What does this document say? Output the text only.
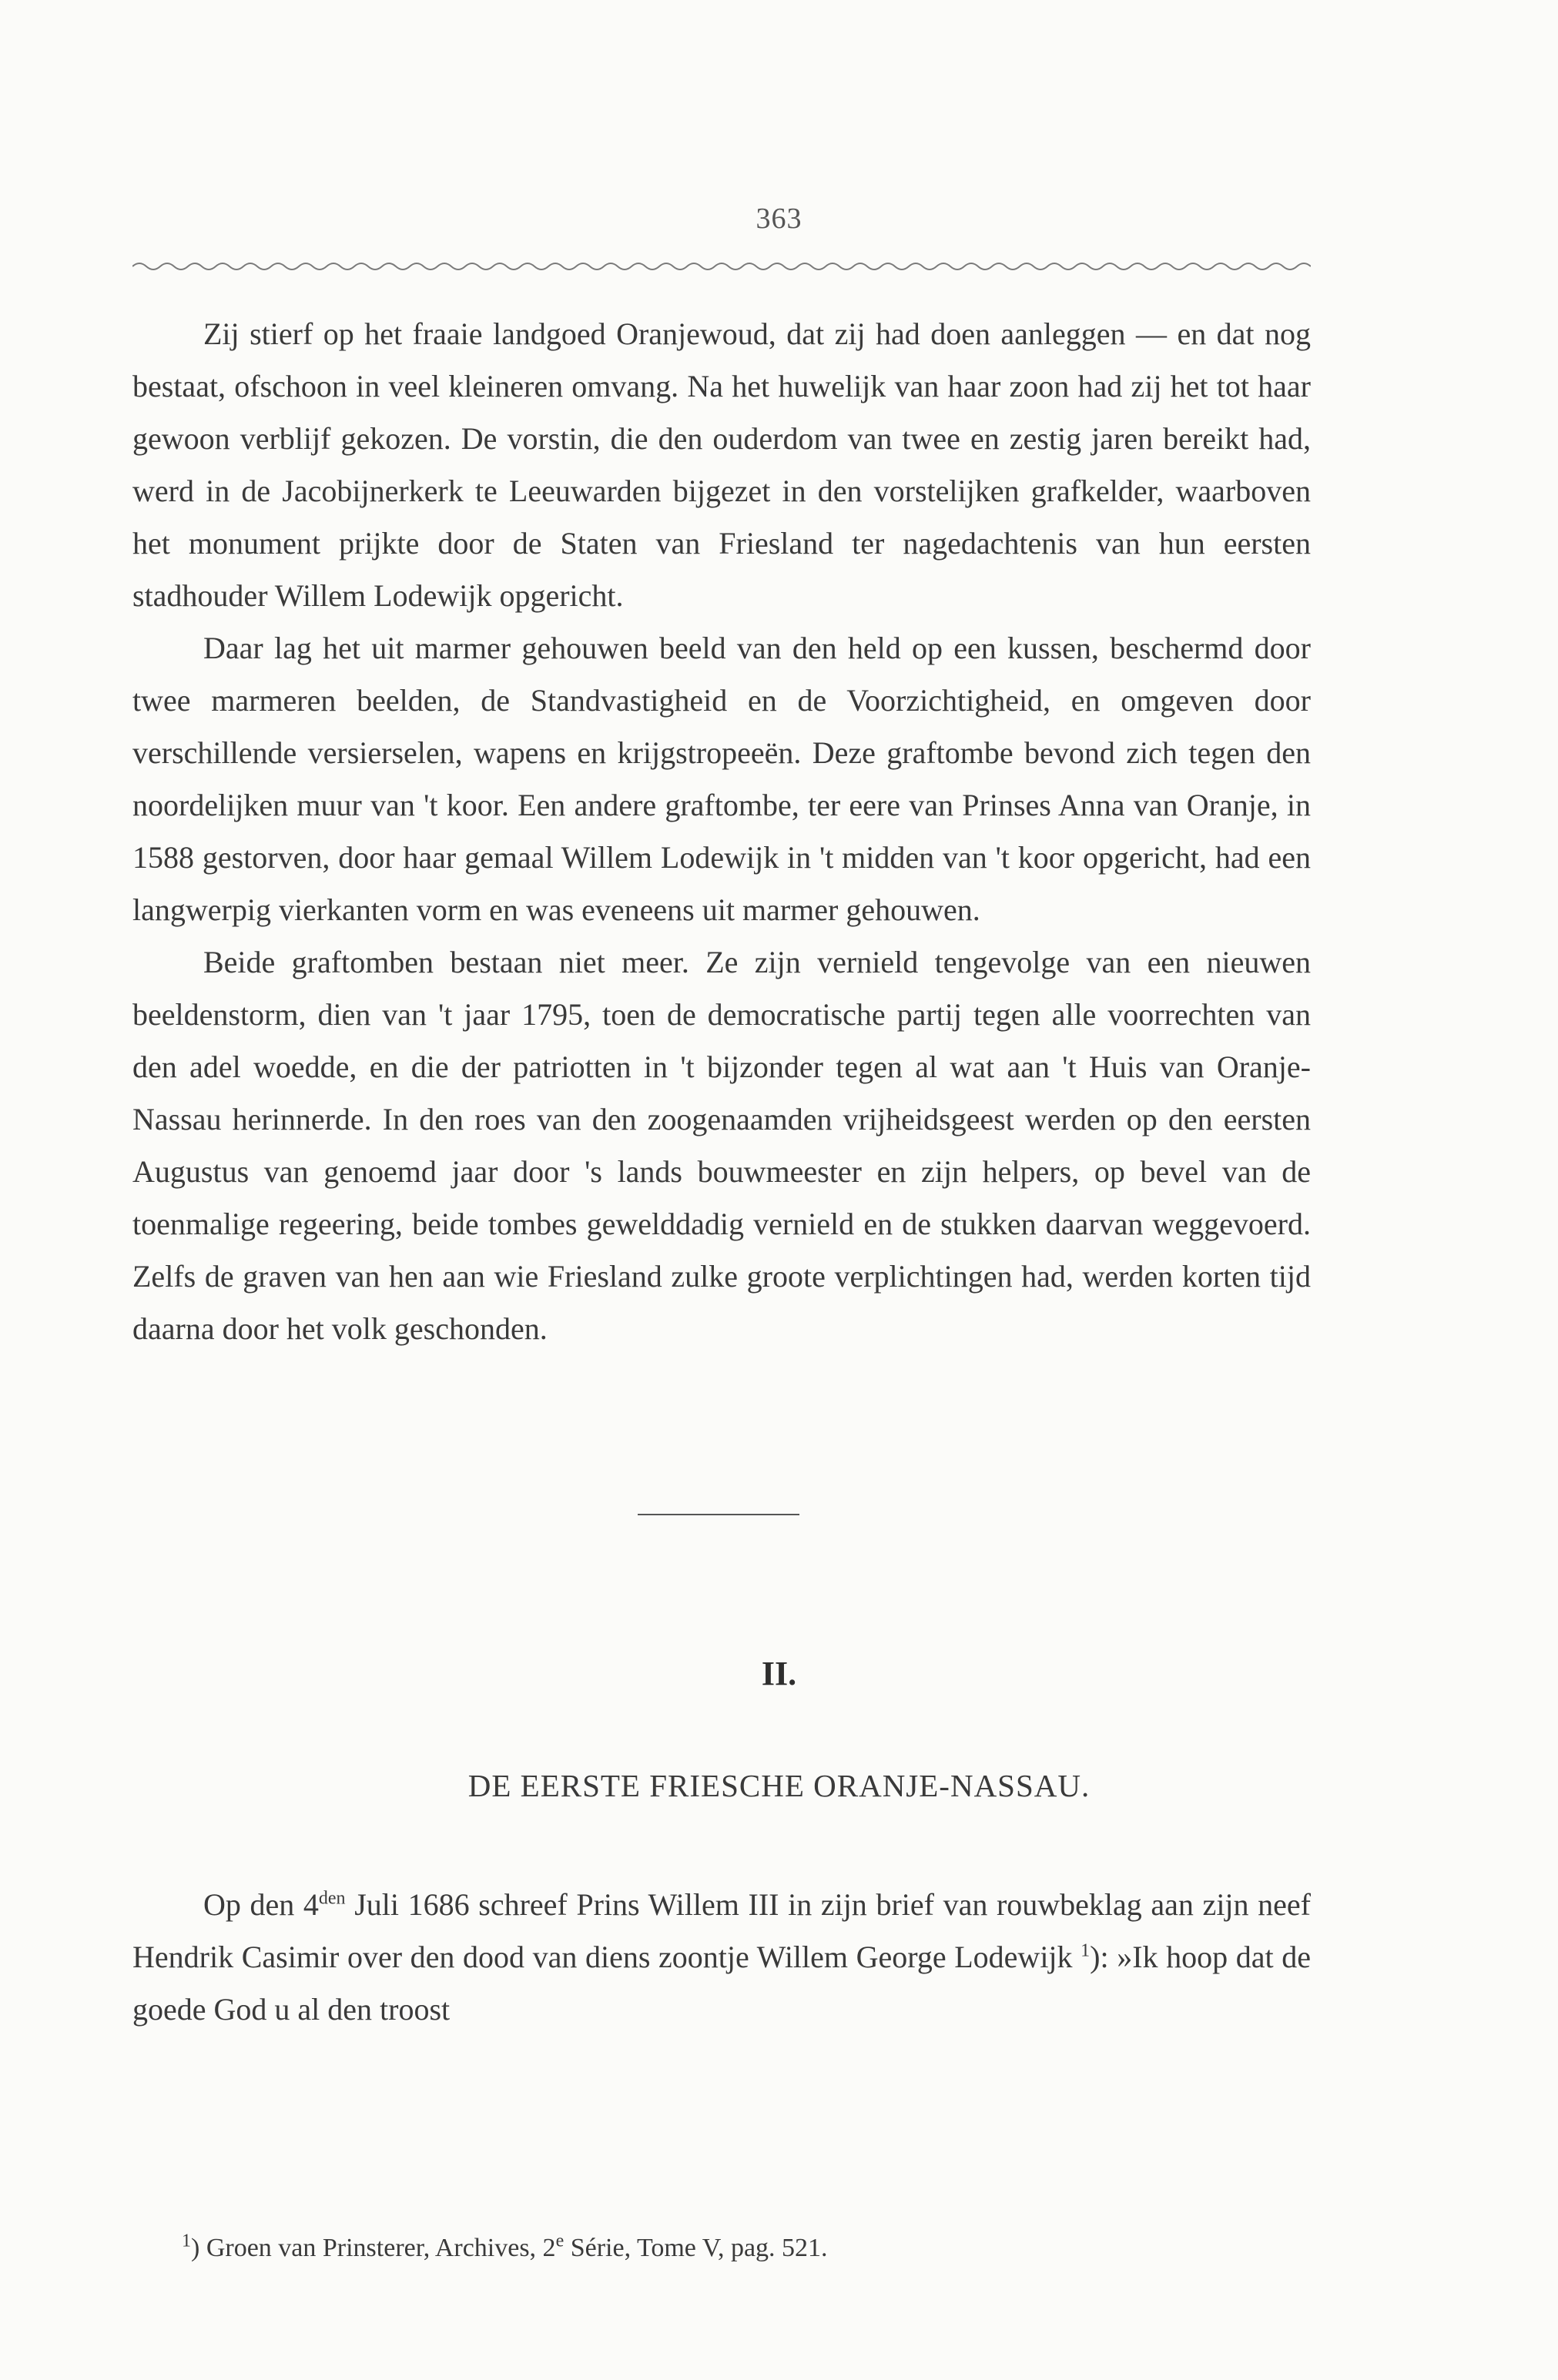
363

Zij stierf op het fraaie landgoed Oranjewoud, dat zij had doen aanleggen — en dat nog bestaat, ofschoon in veel kleineren omvang. Na het huwelijk van haar zoon had zij het tot haar gewoon verblijf gekozen. De vorstin, die den ouderdom van twee en zestig jaren bereikt had, werd in de Jacobijnerkerk te Leeuwarden bijgezet in den vorstelijken grafkelder, waarboven het monument prijkte door de Staten van Friesland ter nagedachtenis van hun eersten stadhouder Willem Lodewijk opgericht.

Daar lag het uit marmer gehouwen beeld van den held op een kussen, beschermd door twee marmeren beelden, de Standvastigheid en de Voorzichtigheid, en omgeven door verschillende versierselen, wapens en krijgstropeeën. Deze graftombe bevond zich tegen den noordelijken muur van 't koor. Een andere graftombe, ter eere van Prinses Anna van Oranje, in 1588 gestorven, door haar gemaal Willem Lodewijk in 't midden van 't koor opgericht, had een langwerpig vierkanten vorm en was eveneens uit marmer gehouwen.

Beide graftomben bestaan niet meer. Ze zijn vernield tengevolge van een nieuwen beeldenstorm, dien van 't jaar 1795, toen de democratische partij tegen alle voorrechten van den adel woedde, en die der patriotten in 't bijzonder tegen al wat aan 't Huis van Oranje-Nassau herinnerde. In den roes van den zoogenaamden vrijheidsgeest werden op den eersten Augustus van genoemd jaar door 's lands bouwmeester en zijn helpers, op bevel van de toenmalige regeering, beide tombes gewelddadig vernield en de stukken daarvan weggevoerd. Zelfs de graven van hen aan wie Friesland zulke groote verplichtingen had, werden korten tijd daarna door het volk geschonden.

II.
DE EERSTE FRIESCHE ORANJE-NASSAU.

Op den $4^{den}$ Juli 1686 schreef Prins Willem III in zijn brief van rouwbeklag aan zijn neef Hendrik Casimir over den dood van diens zoontje Willem George Lodewijk $^1$): »Ik hoop dat de goede God u al den troost

$^1$) Groen van Prinsterer, Archives, 2e Série, Tome V, pag. 521.
